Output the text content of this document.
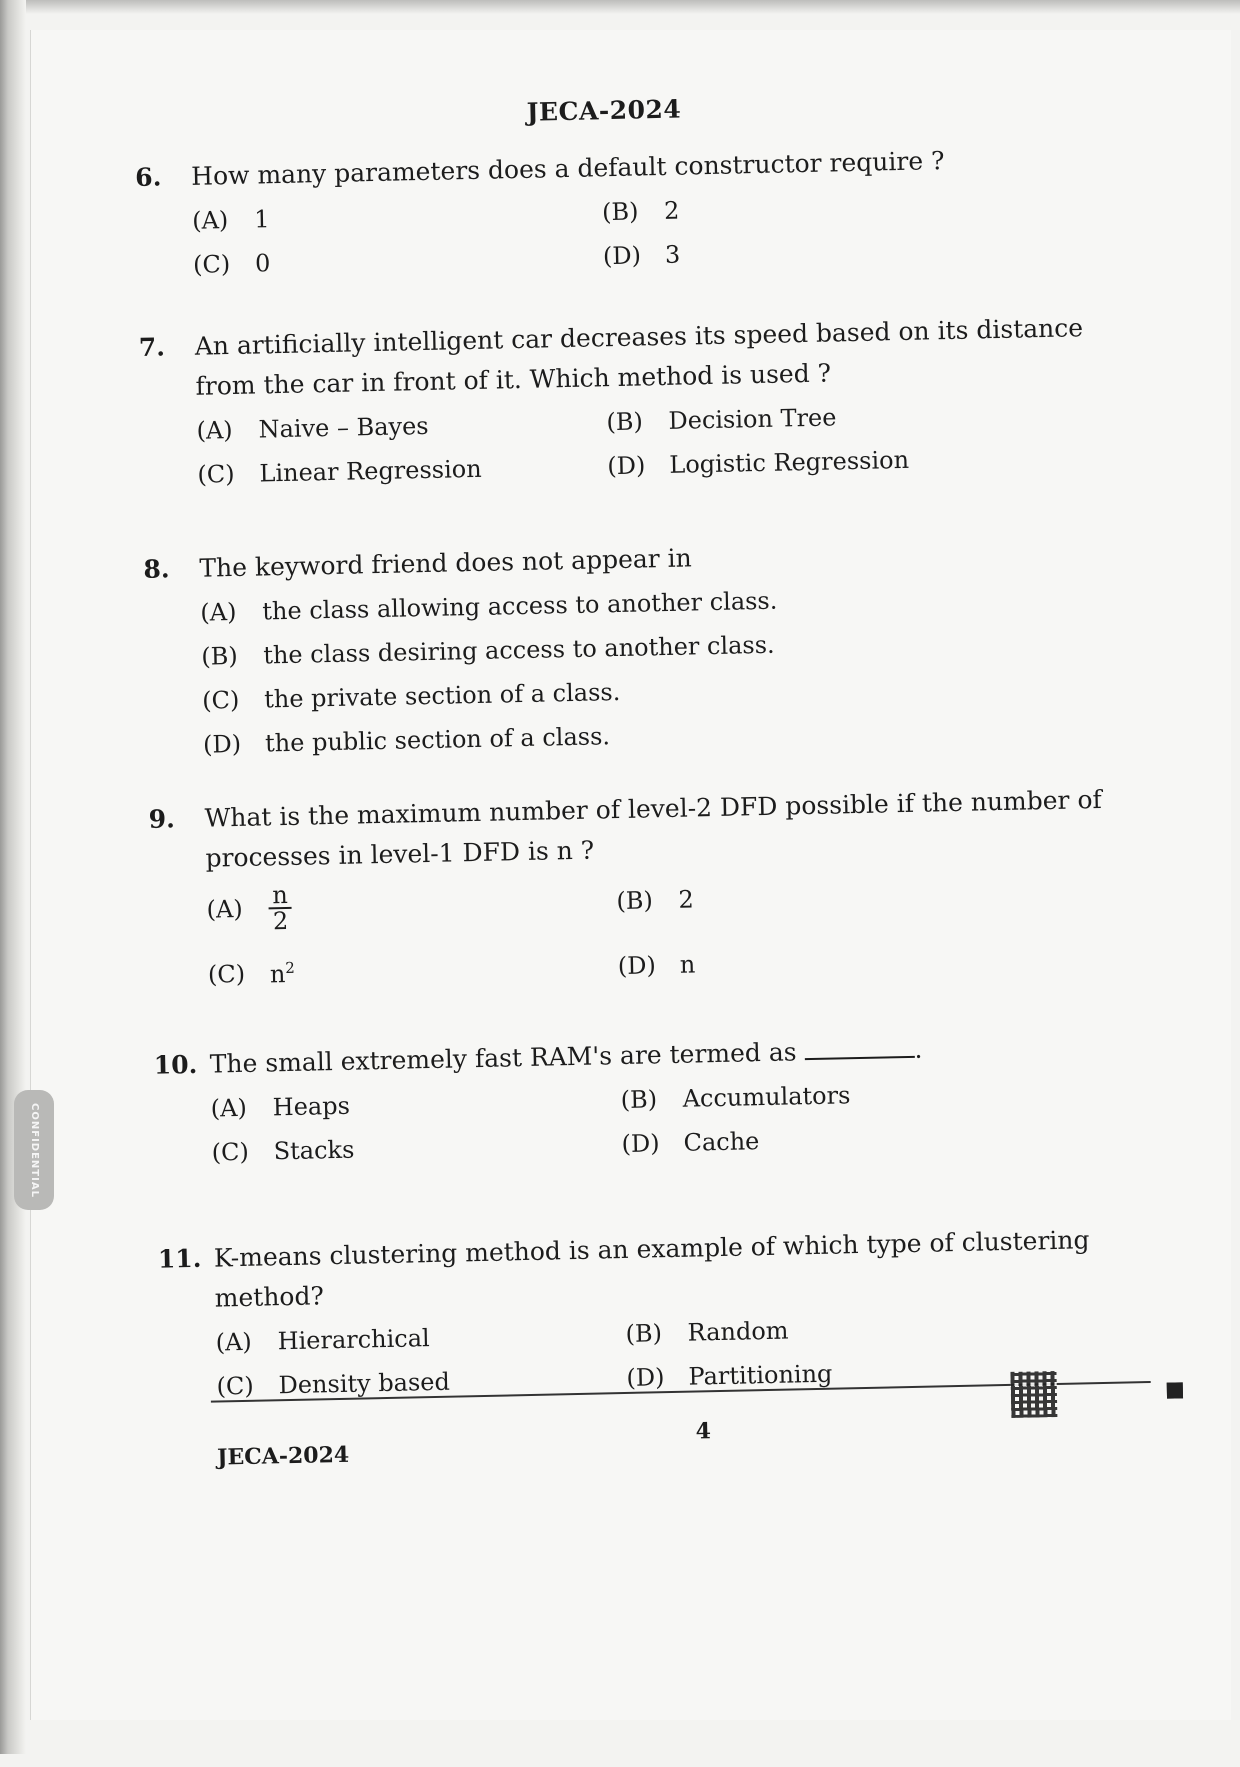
CONFIDENTIAL
JECA-2024
6.	How many parameters does a default constructor require ?
(A)	1	(B)	2
(C)	0	(D) 3
7.	An artificially intelligent car decreases its speed based on its distance from the car in front of it. Which method is used ?
(A)	Naive – Bayes	(B)	Decision Tree
(C)	Linear Regression	(D) Logistic Regression
8.	The keyword friend does not appear in
(A)	the class allowing access to another class.
(B)	the class desiring access to another class.
(C)	the private section of a class.
(D) the public section of a class.
9.	What is the maximum number of level-2 DFD possible if the number of processes in level-1 DFD is n ?
(A)	$\frac{n}{2}$	(B)	2
(C)	$n^2$	(D) n
10. The small extremely fast RAM's are termed as	.
(A)	Heaps	(B)	Accumulators
(C)	Stacks	(D) Cache
11. K-means clustering method is an example of which type of clustering method?
(A)	Hierarchical	(B)	Random
(C)	Density based	(D) Partitioning
4
JECA-2024
